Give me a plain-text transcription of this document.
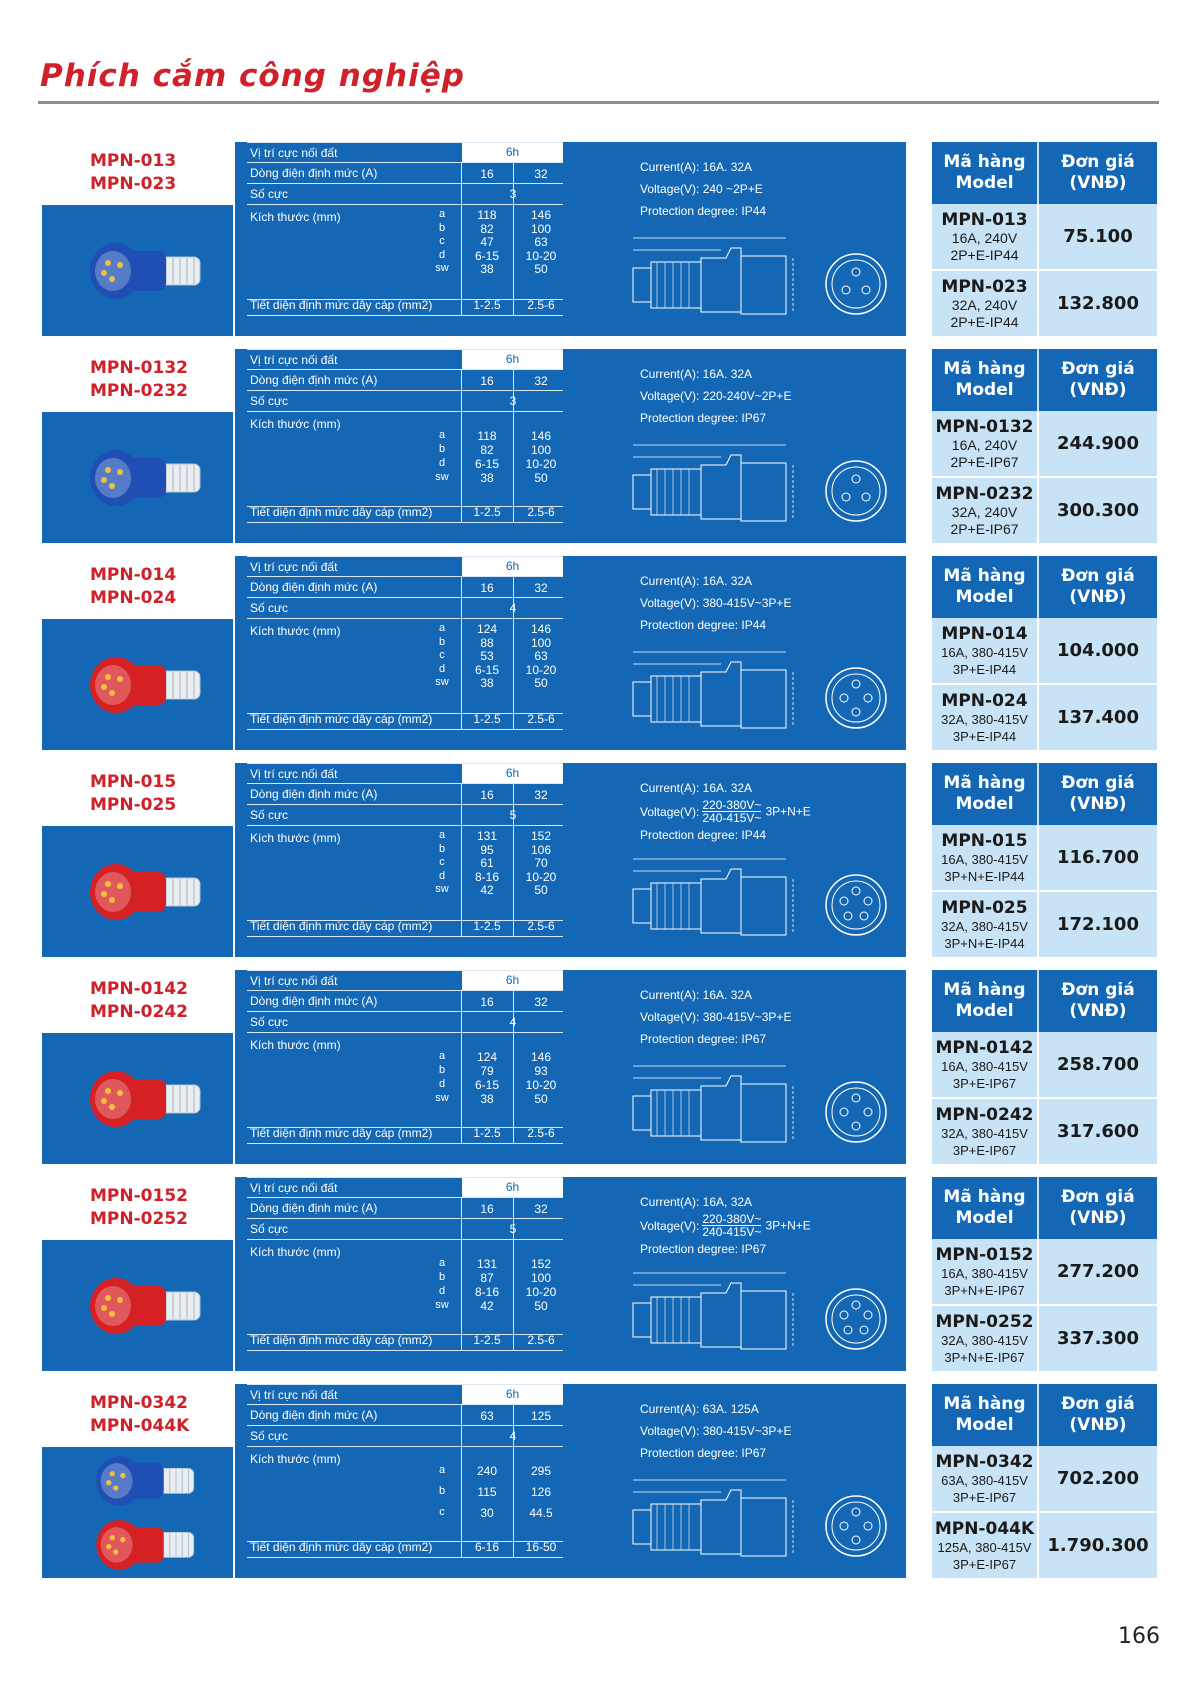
Phích cắm công nghiệp
MPN-013
MPN-023
Vị trí cực nối đất	6h
Dòng điện định mức (A)	16	32
Số cực	3
Kích thước (mm)	a	118	146
b	82	100
c	47	63
d	6-15	10-20
sw	38	50
Tiết diện định mức dây cáp (mm2)	1-2.5	2.5-6
Current(A): 16A. 32A
Voltage(V): 240 ~2P+E
Protection degree: IP44
Mã hàng
Model
Đơn giá
(VNĐ)
MPN-013
16A, 240V
2P+E-IP44
75.100
MPN-023
32A, 240V
2P+E-IP44
132.800
MPN-0132
MPN-0232
Vị trí cực nối đất	6h
Dòng điện định mức (A)	16	32
Số cực	3
Kích thước (mm)
a	118	146
b	82	100
d	6-15	10-20
sw	38	50
Tiết diện định mức dây cáp (mm2)	1-2.5	2.5-6
Current(A): 16A. 32A
Voltage(V): 220-240V~2P+E
Protection degree: IP67
Mã hàng
Model
Đơn giá
(VNĐ)
MPN-0132
16A, 240V
2P+E-IP67
244.900
MPN-0232
32A, 240V
2P+E-IP67
300.300
MPN-014
MPN-024
Vị trí cực nối đất	6h
Dòng điện định mức (A)	16	32
Số cực	4
Kích thước (mm)	a	124	146
b	88	100
c	53	63
d	6-15	10-20
sw	38	50
Tiết diện định mức dây cáp (mm2)	1-2.5	2.5-6
Current(A): 16A. 32A
Voltage(V): 380-415V~3P+E
Protection degree: IP44
Mã hàng
Model
Đơn giá
(VNĐ)
MPN-014
16A, 380-415V
3P+E-IP44
104.000
MPN-024
32A, 380-415V
3P+E-IP44
137.400
MPN-015
MPN-025
Vị trí cực nối đất	6h
Dòng điện định mức (A)	16	32
Số cực	5
Kích thước (mm)	a	131	152
b	95	106
c	61	70
d	8-16	10-20
sw	42	50
Tiết diện định mức dây cáp (mm2)	1-2.5	2.5-6
Current(A): 16A. 32A
Voltage(V): $\frac{220-380V\sim}{240-415V\sim} 3P+N+E$
Protection degree: IP44
Mã hàng
Model
Đơn giá
(VNĐ)
MPN-015
16A, 380-415V
3P+N+E-IP44
116.700
MPN-025
32A, 380-415V
3P+N+E-IP44
172.100
MPN-0142
MPN-0242
Vị trí cực nối đất	6h
Dòng điện định mức (A)	16	32
Số cực	4
Kích thước (mm)
a	124	146
b	79	93
d	6-15	10-20
sw	38	50
Tiết diện định mức dây cáp (mm2)	1-2.5	2.5-6
Current(A): 16A. 32A
Voltage(V): 380-415V~3P+E
Protection degree: IP67
Mã hàng
Model
Đơn giá
(VNĐ)
MPN-0142
16A, 380-415V
3P+E-IP67
258.700
MPN-0242
32A, 380-415V
3P+E-IP67
317.600
MPN-0152
MPN-0252
Vị trí cực nối đất	6h
Dòng điện định mức (A)	16	32
Số cực	5
Kích thước (mm)
a	131	152
b	87	100
d	8-16	10-20
sw	42	50
Tiết diện định mức dây cáp (mm2)	1-2.5	2.5-6
Current(A): 16A, 32A
Voltage(V): $\frac{220-380V\sim}{240-415V\sim} 3P+N+E$
Protection degree: IP67
Mã hàng
Model
Đơn giá
(VNĐ)
MPN-0152
16A, 380-415V
3P+N+E-IP67
277.200
MPN-0252
32A, 380-415V
3P+N+E-IP67
337.300
MPN-0342
MPN-044K
Vị trí cực nối đất	6h
Dòng điện định mức (A)	63	125
Số cực	4
Kích thước (mm)
a	240	295
b	115	126
c	30	44.5
Tiết diện định mức dây cáp (mm2)	6-16	16-50
Current(A): 63A. 125A
Voltage(V): 380-415V~3P+E
Protection degree: IP67
Mã hàng
Model
Đơn giá
(VNĐ)
MPN-0342
63A, 380-415V
3P+E-IP67
702.200
MPN-044K
125A, 380-415V
3P+E-IP67
1.790.300
166
